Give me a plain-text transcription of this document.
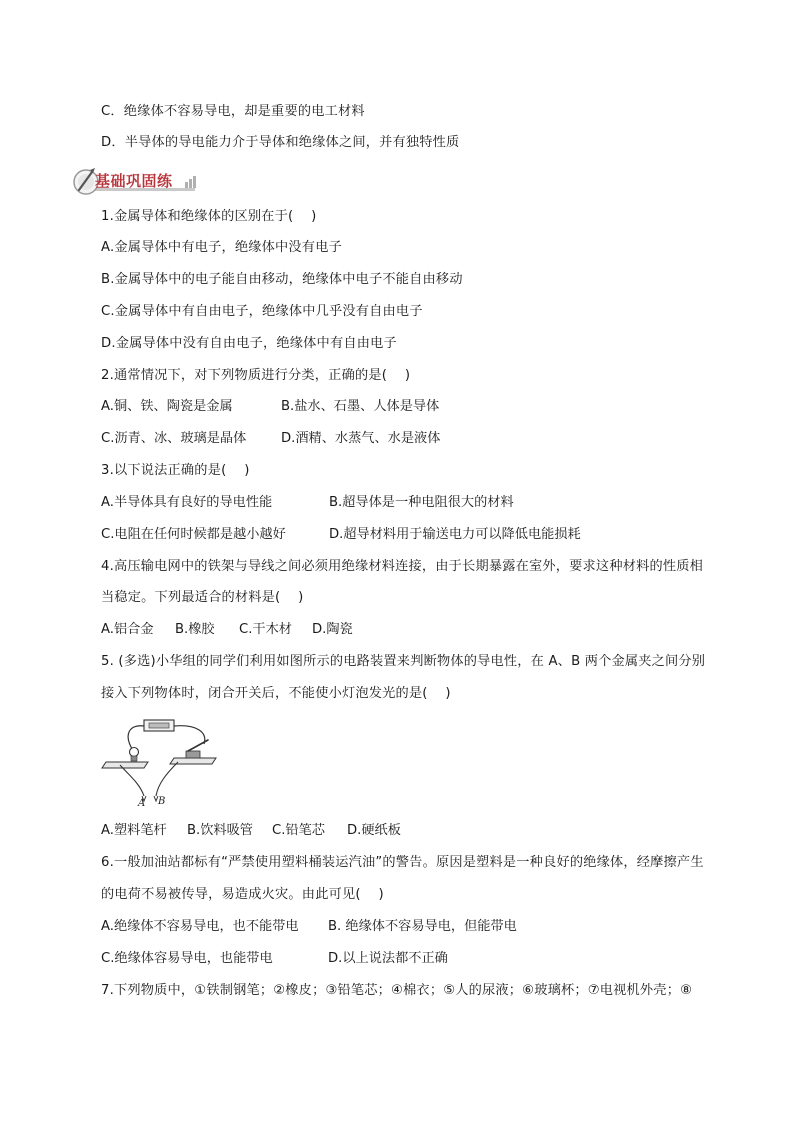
C．绝缘体不容易导电，却是重要的电工材料
D．半导体的导电能力介于导体和绝缘体之间，并有独特性质
基础巩固练
1.金属导体和绝缘体的区别在于(　 )
A.金属导体中有电子，绝缘体中没有电子
B.金属导体中的电子能自由移动，绝缘体中电子不能自由移动
C.金属导体中有自由电子，绝缘体中几乎没有自由电子
D.金属导体中没有自由电子，绝缘体中有自由电子
2.通常情况下，对下列物质进行分类，正确的是(　 )
A.铜、铁、陶瓷是金属	B.盐水、石墨、人体是导体
C.沥青、冰、玻璃是晶体	D.酒精、水蒸气、水是液体
3.以下说法正确的是(　 )
A.半导体具有良好的导电性能	B.超导体是一种电阻很大的材料
C.电阻在任何时候都是越小越好	D.超导材料用于输送电力可以降低电能损耗
4.高压输电网中的铁架与导线之间必须用绝缘材料连接，由于长期暴露在室外，要求这种材料的性质相
当稳定。下列最适合的材料是(　 )
A.铝合金 B.橡胶 C.干木材 D.陶瓷
5. (多选)小华组的同学们利用如图所示的电路装置来判断物体的导电性，在 A、B 两个金属夹之间分别
接入下列物体时，闭合开关后，不能使小灯泡发光的是(　 )
A B
A.塑料笔杆 B.饮料吸管 C.铅笔芯 D.硬纸板
6.一般加油站都标有“严禁使用塑料桶装运汽油”的警告。原因是塑料是一种良好的绝缘体，经摩擦产生
的电荷不易被传导，易造成火灾。由此可见(　 )
A.绝缘体不容易导电，也不能带电 B. 绝缘体不容易导电，但能带电
C.绝缘体容易导电，也能带电	D.以上说法都不正确
7.下列物质中，①铁制钢笔；②橡皮；③铅笔芯；④棉衣；⑤人的尿液；⑥玻璃杯；⑦电视机外壳；⑧
